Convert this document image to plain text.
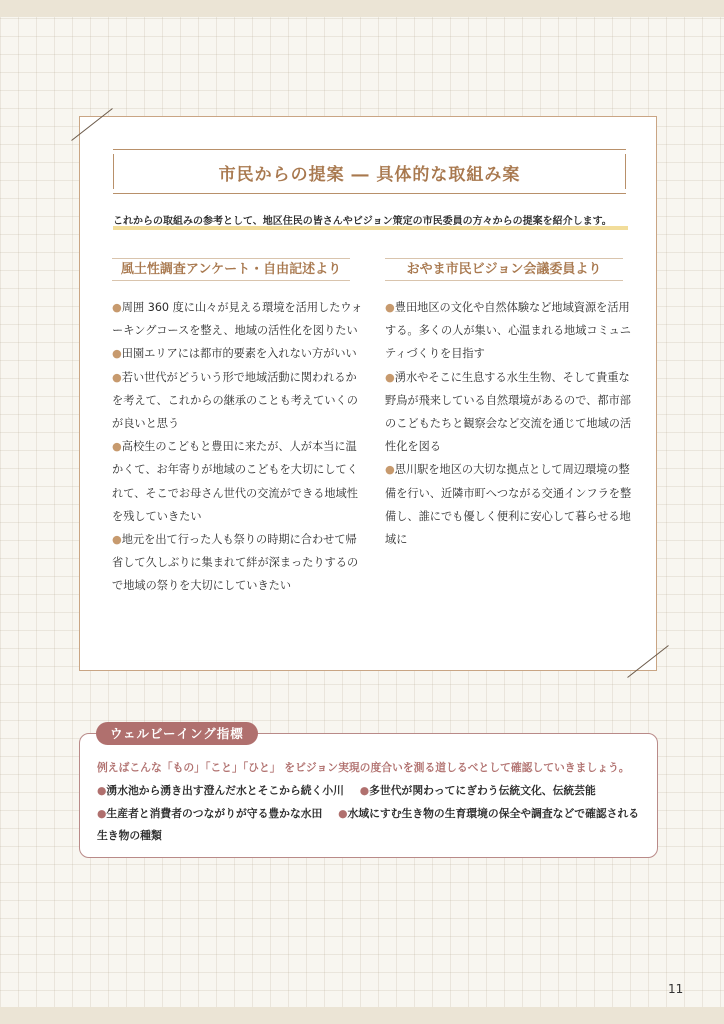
市民からの提案 ― 具体的な取組み案
これからの取組みの参考として、地区住民の皆さんやビジョン策定の市民委員の方々からの提案を紹介します。
風土性調査アンケート・自由記述より	おやま市民ビジョン会議委員より

●周囲 360 度に山々が見える環境を活用したウォーキングコースを整え、地域の活性化を図りたい

●田園エリアには都市的要素を入れない方がいい

●若い世代がどういう形で地域活動に関われるかを考えて、これからの継承のことも考えていくのが良いと思う

●高校生のこどもと豊田に来たが、人が本当に温かくて、お年寄りが地域のこどもを大切にしてくれて、そこでお母さん世代の交流ができる地域性を残していきたい

●地元を出て行った人も祭りの時期に合わせて帰省して久しぶりに集まれて絆が深まったりするので地域の祭りを大切にしていきたい

●豊田地区の文化や自然体験など地域資源を活用する。多くの人が集い、心温まれる地域コミュニティづくりを目指す

●湧水やそこに生息する水生生物、そして貴重な野鳥が飛来している自然環境があるので、都市部のこどもたちと観察会など交流を通じて地域の活性化を図る

●思川駅を地区の大切な拠点として周辺環境の整備を行い、近隣市町へつながる交通インフラを整備し、誰にでも優しく便利に安心して暮らせる地域に

ウェルビーイング指標
例えばこんな「もの」「こと」「ひと」 をビジョン実現の度合いを測る道しるべとして確認していきましょう。
●湧水池から湧き出す澄んだ水とそこから続く小川 ●多世代が関わってにぎわう伝統文化、伝統芸能
●生産者と消費者のつながりが守る豊かな水田 ●水域にすむ生き物の生育環境の保全や調査などで確認される生き物の種類
11
